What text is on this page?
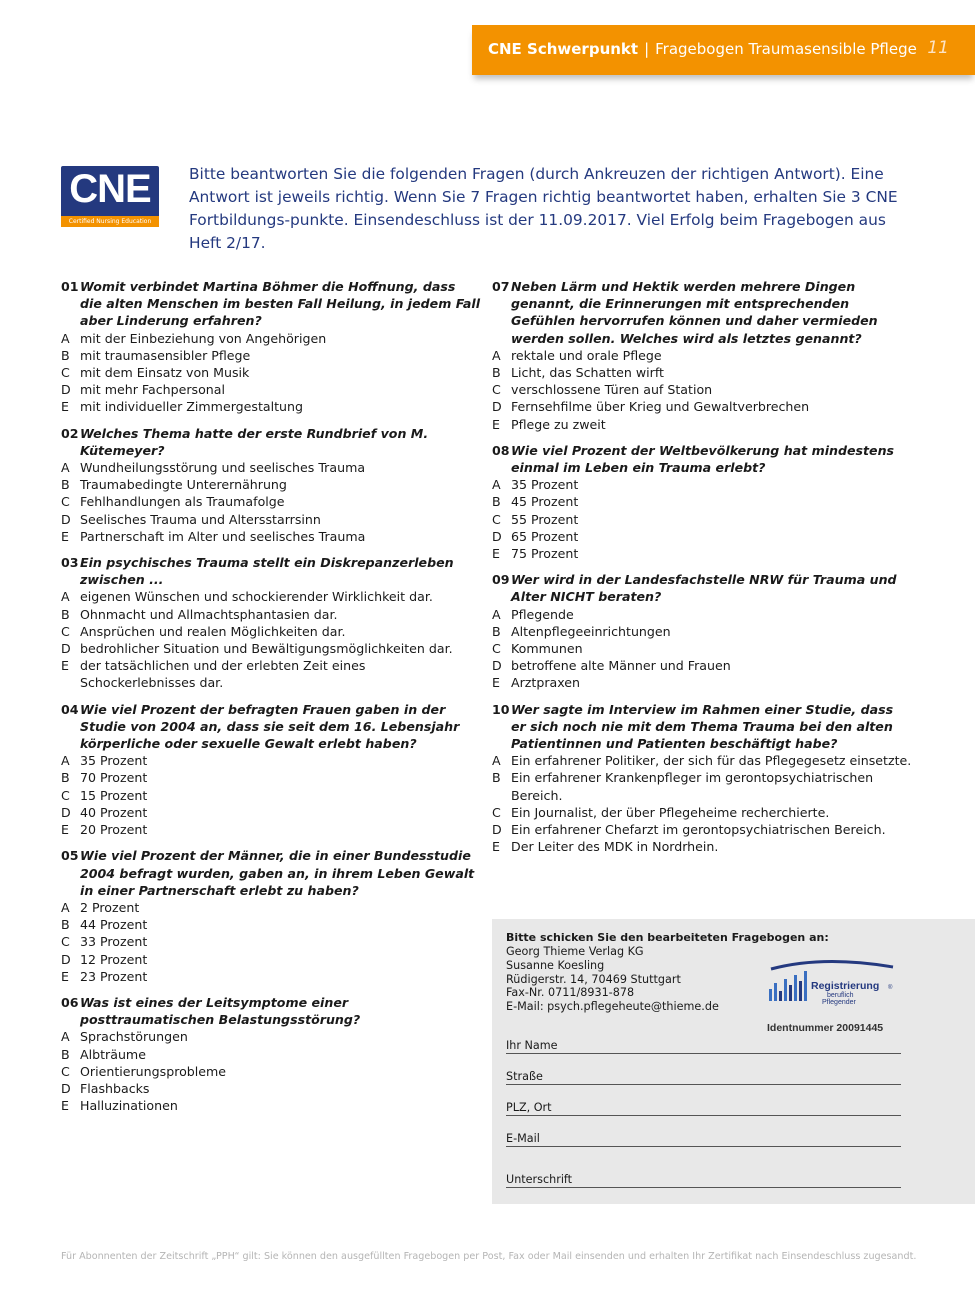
CNE Schwerpunkt | Fragebogen Traumasensible Pflege 11
CNE
Certified Nursing Education
Bitte beantworten Sie die folgenden Fragen (durch Ankreuzen der richtigen Antwort). Eine Antwort ist jeweils richtig. Wenn Sie 7 Fragen richtig beantwortet haben, erhalten Sie 3 CNE Fortbildungs-punkte. Einsendeschluss ist der 11.09.2017. Viel Erfolg beim Fragebogen aus Heft 2/17.
01 Womit verbindet Martina Böhmer die Hoffnung, dass die alten Menschen im besten Fall Heilung, in jedem Fall aber Linderung erfahren?
A mit der Einbeziehung von Angehörigen
B mit traumasensibler Pflege
C mit dem Einsatz von Musik
D mit mehr Fachpersonal
E mit individueller Zimmergestaltung
02 Welches Thema hatte der erste Rundbrief von M. Kütemeyer?
A Wundheilungsstörung und seelisches Trauma
B Traumabedingte Unterernährung
C Fehlhandlungen als Traumafolge
D Seelisches Trauma und Altersstarrsinn
E Partnerschaft im Alter und seelisches Trauma
03 Ein psychisches Trauma stellt ein Diskrepanzerleben zwischen ...
A eigenen Wünschen und schockierender Wirklichkeit dar.
B Ohnmacht und Allmachtsphantasien dar.
C Ansprüchen und realen Möglichkeiten dar.
D bedrohlicher Situation und Bewältigungsmöglichkeiten dar.
E der tatsächlichen und der erlebten Zeit eines Schockerlebnisses dar.
04 Wie viel Prozent der befragten Frauen gaben in der Studie von 2004 an, dass sie seit dem 16. Lebensjahr körperliche oder sexuelle Gewalt erlebt haben?
A 35 Prozent
B 70 Prozent
C 15 Prozent
D 40 Prozent
E 20 Prozent
05 Wie viel Prozent der Männer, die in einer Bundesstudie 2004 befragt wurden, gaben an, in ihrem Leben Gewalt in einer Partnerschaft erlebt zu haben?
A 2 Prozent
B 44 Prozent
C 33 Prozent
D 12 Prozent
E 23 Prozent
06 Was ist eines der Leitsymptome einer posttraumatischen Belastungsstörung?
A Sprachstörungen
B Albträume
C Orientierungsprobleme
D Flashbacks
E Halluzinationen
07 Neben Lärm und Hektik werden mehrere Dingen genannt, die Erinnerungen mit entsprechenden Gefühlen hervorrufen können und daher vermieden werden sollen. Welches wird als letztes genannt?
A rektale und orale Pflege
B Licht, das Schatten wirft
C verschlossene Türen auf Station
D Fernsehfilme über Krieg und Gewaltverbrechen
E Pflege zu zweit
08 Wie viel Prozent der Weltbevölkerung hat mindestens einmal im Leben ein Trauma erlebt?
A 35 Prozent
B 45 Prozent
C 55 Prozent
D 65 Prozent
E 75 Prozent
09 Wer wird in der Landesfachstelle NRW für Trauma und Alter NICHT beraten?
A Pflegende
B Altenpflegeeinrichtungen
C Kommunen
D betroffene alte Männer und Frauen
E Arztpraxen
10 Wer sagte im Interview im Rahmen einer Studie, dass er sich noch nie mit dem Thema Trauma bei den alten Patientinnen und Patienten beschäftigt habe?
A Ein erfahrener Politiker, der sich für das Pflegegesetz einsetzte.
B Ein erfahrener Krankenpfleger im gerontopsychiatrischen Bereich.
C Ein Journalist, der über Pflegeheime recherchierte.
D Ein erfahrener Chefarzt im gerontopsychiatrischen Bereich.
E Der Leiter des MDK in Nordrhein.
Bitte schicken Sie den bearbeiteten Fragebogen an:
Georg Thieme Verlag KG
Susanne Koesling
Rüdigerstr. 14, 70469 Stuttgart
Fax-Nr. 0711/8931-878
E-Mail: psych.pflegeheute@thieme.de
Registrierung ®
beruflich
Pflegender
Identnummer 20091445
Ihr Name
Straße
PLZ, Ort
E-Mail
Unterschrift
Für Abonnenten der Zeitschrift „PPH“ gilt: Sie können den ausgefüllten Fragebogen per Post, Fax oder Mail einsenden und erhalten Ihr Zertifikat nach Einsendeschluss zugesandt.
